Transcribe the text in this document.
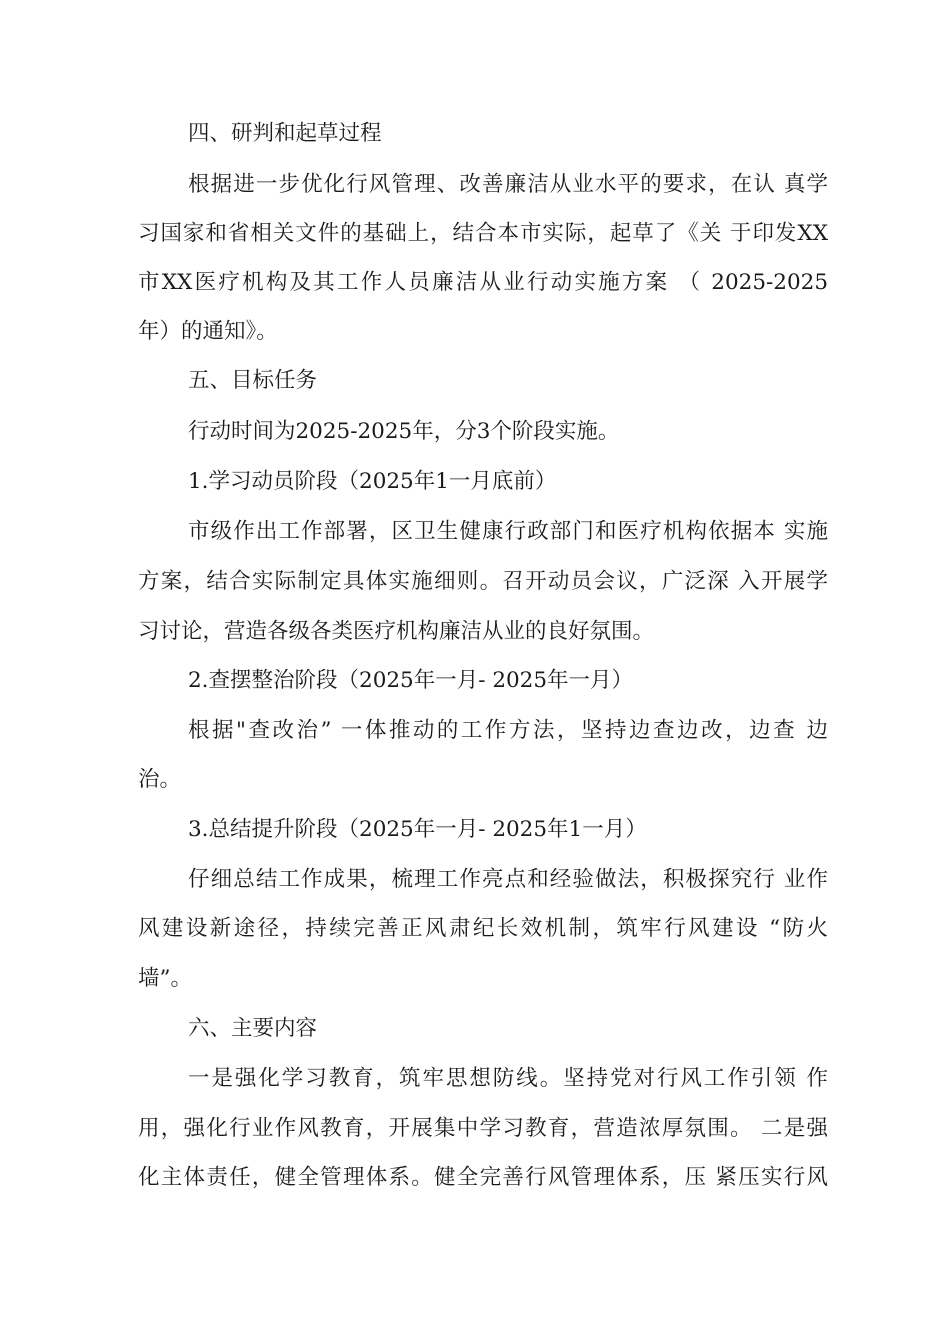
四、研判和起草过程
根据进一步优化行风管理、改善廉洁从业水平的要求，在认 真学
习国家和省相关文件的基础上，结合本市实际，起草了《关 于印发XX
市XX医疗机构及其工作人员廉洁从业行动实施方案 （ 2025-2025
年）的通知》。
五、目标任务
行动时间为2025-2025年，分3个阶段实施。
1.学习动员阶段（2025年1一月底前）
市级作出工作部署，区卫生健康行政部门和医疗机构依据本 实施
方案，结合实际制定具体实施细则。召开动员会议，广泛深 入开展学
习讨论，营造各级各类医疗机构廉洁从业的良好氛围。
2.查摆整治阶段（2025年一月- 2025年一月）
根据"查改治” 一体推动的工作方法，坚持边查边改，边查 边
治。
3.总结提升阶段（2025年一月- 2025年1一月）
仔细总结工作成果，梳理工作亮点和经验做法，积极探究行 业作
风建设新途径，持续完善正风肃纪长效机制，筑牢行风建设 “防火
墙”。
六、主要内容
一是强化学习教育，筑牢思想防线。坚持党对行风工作引领 作
用，强化行业作风教育，开展集中学习教育，营造浓厚氛围。 二是强
化主体责任，健全管理体系。健全完善行风管理体系，压 紧压实行风
